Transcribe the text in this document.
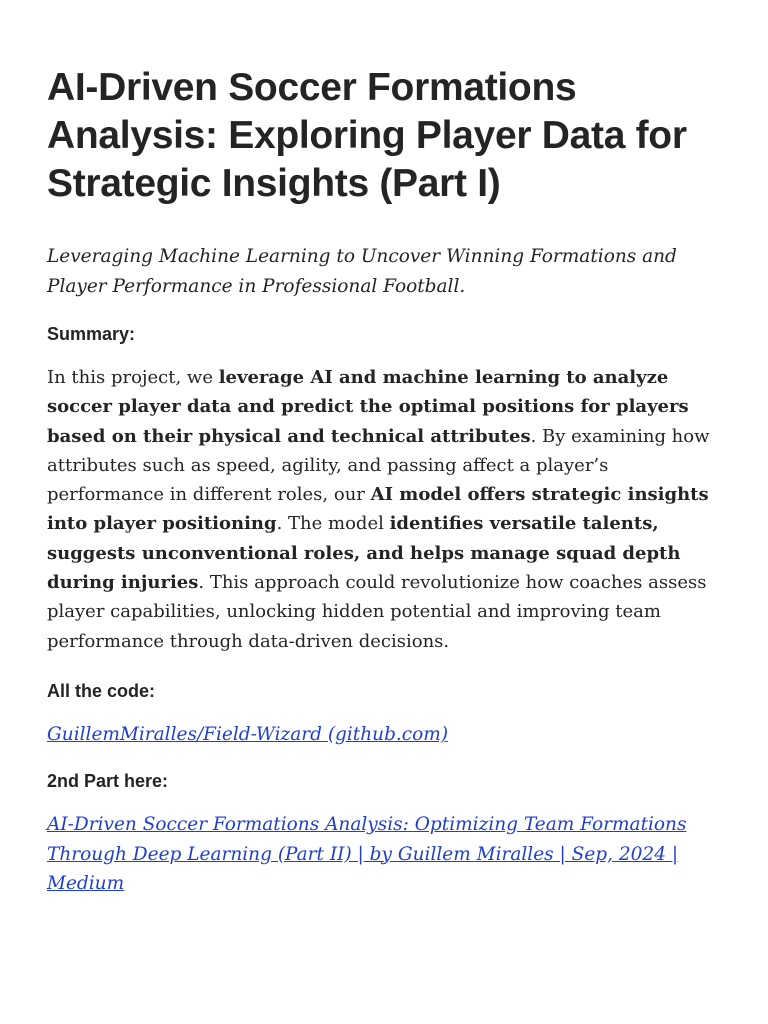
AI-Driven Soccer Formations Analysis: Exploring Player Data for Strategic Insights (Part I)

Leveraging Machine Learning to Uncover Winning Formations and Player Performance in Professional Football.

Summary:

In this project, we leverage AI and machine learning to analyze soccer player data and predict the optimal positions for players based on their physical and technical attributes. By examining how attributes such as speed, agility, and passing affect a player’s performance in different roles, our AI model offers strategic insights into player positioning. The model identifies versatile talents, suggests unconventional roles, and helps manage squad depth during injuries. This approach could revolutionize how coaches assess player capabilities, unlocking hidden potential and improving team performance through data-driven decisions.

All the code:

GuillemMiralles/Field-Wizard (github.com)

2nd Part here:

AI-Driven Soccer Formations Analysis: Optimizing Team Formations Through Deep Learning (Part II) | by Guillem Miralles | Sep, 2024 | Medium
